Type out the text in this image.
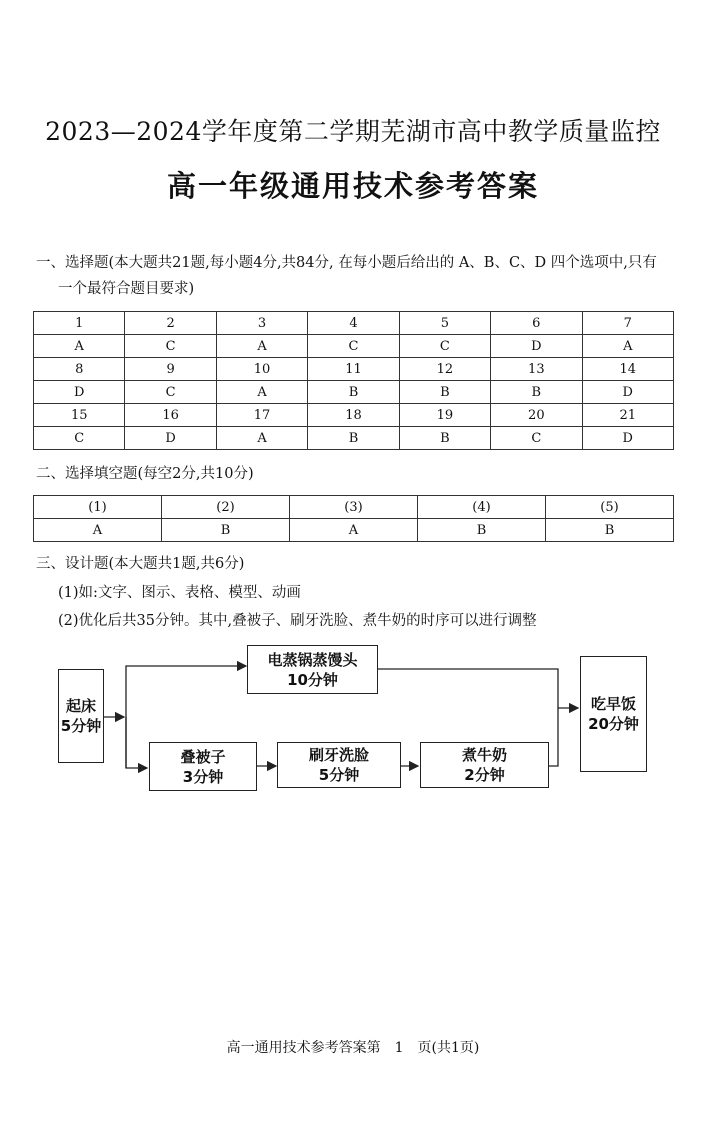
2023—2024学年度第二学期芜湖市高中教学质量监控
高一年级通用技术参考答案
一、选择题(本大题共21题,每小题4分,共84分, 在每小题后给出的 A、B、C、D 四个选项中,只有
一个最符合题目要求)
1	2	3	4	5	6	7
A	C	A	C	C	D	A
8	9	10	11	12	13	14
D	C	A	B	B	B	D
15	16	17	18	19	20	21
C	D	A	B	B	C	D
二、选择填空题(每空2分,共10分)
(1)	(2)	(3)	(4)	(5)
A	B	A	B	B
三、设计题(本大题共1题,共6分)
(1)如:文字、图示、表格、模型、动画
(2)优化后共35分钟。其中,叠被子、刷牙洗脸、煮牛奶的时序可以进行调整
起床
5分钟
电蒸锅蒸馒头
10分钟
叠被子
3分钟
刷牙洗脸
5分钟
煮牛奶
2分钟
吃早饭
20分钟
高一通用技术参考答案第　1　页(共1页)
